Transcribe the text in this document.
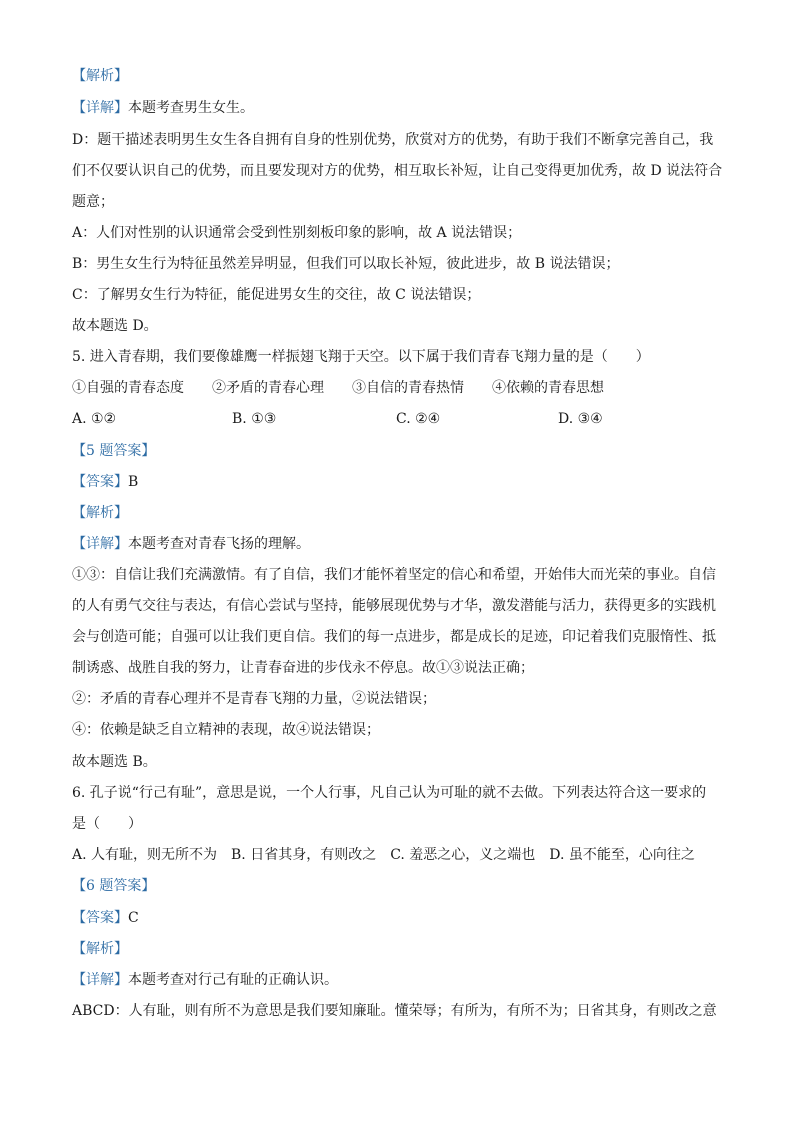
【解析】
【详解】本题考查男生女生。
D：题干描述表明男生女生各自拥有自身的性别优势，欣赏对方的优势，有助于我们不断拿完善自己，我
们不仅要认识自己的优势，而且要发现对方的优势，相互取长补短，让自己变得更加优秀，故 D 说法符合
题意；
A：人们对性别的认识通常会受到性别刻板印象的影响，故 A 说法错误；
B：男生女生行为特征虽然差异明显，但我们可以取长补短，彼此进步，故 B 说法错误；
C：了解男女生行为特征，能促进男女生的交往，故 C 说法错误；
故本题选 D。
5. 进入青春期，我们要像雄鹰一样振翅飞翔于天空。以下属于我们青春飞翔力量的是（　　）
①自强的青春态度　　②矛盾的青春心理　　③自信的青春热情　　④依赖的青春思想
A. ①②	B. ①③	C. ②④	D. ③④
【5 题答案】
【答案】B
【解析】
【详解】本题考查对青春飞扬的理解。
①③：自信让我们充满激情。有了自信，我们才能怀着坚定的信心和希望，开始伟大而光荣的事业。自信
的人有勇气交往与表达，有信心尝试与坚持，能够展现优势与才华，激发潜能与活力，获得更多的实践机
会与创造可能；自强可以让我们更自信。我们的每一点进步，都是成长的足迹，印记着我们克服惰性、抵
制诱惑、战胜自我的努力，让青春奋进的步伐永不停息。故①③说法正确；
②：矛盾的青春心理并不是青春飞翔的力量，②说法错误；
④：依赖是缺乏自立精神的表现，故④说法错误；
故本题选 B。
6. 孔子说“行己有耻”，意思是说，一个人行事，凡自己认为可耻的就不去做。下列表达符合这一要求的
是（　　）
A. 人有耻，则无所不为　B. 日省其身，有则改之　C. 羞恶之心，义之端也　D. 虽不能至，心向往之
【6 题答案】
【答案】C
【解析】
【详解】本题考查对行己有耻的正确认识。
ABCD：人有耻，则有所不为意思是我们要知廉耻。懂荣辱；有所为，有所不为；日省其身，有则改之意
